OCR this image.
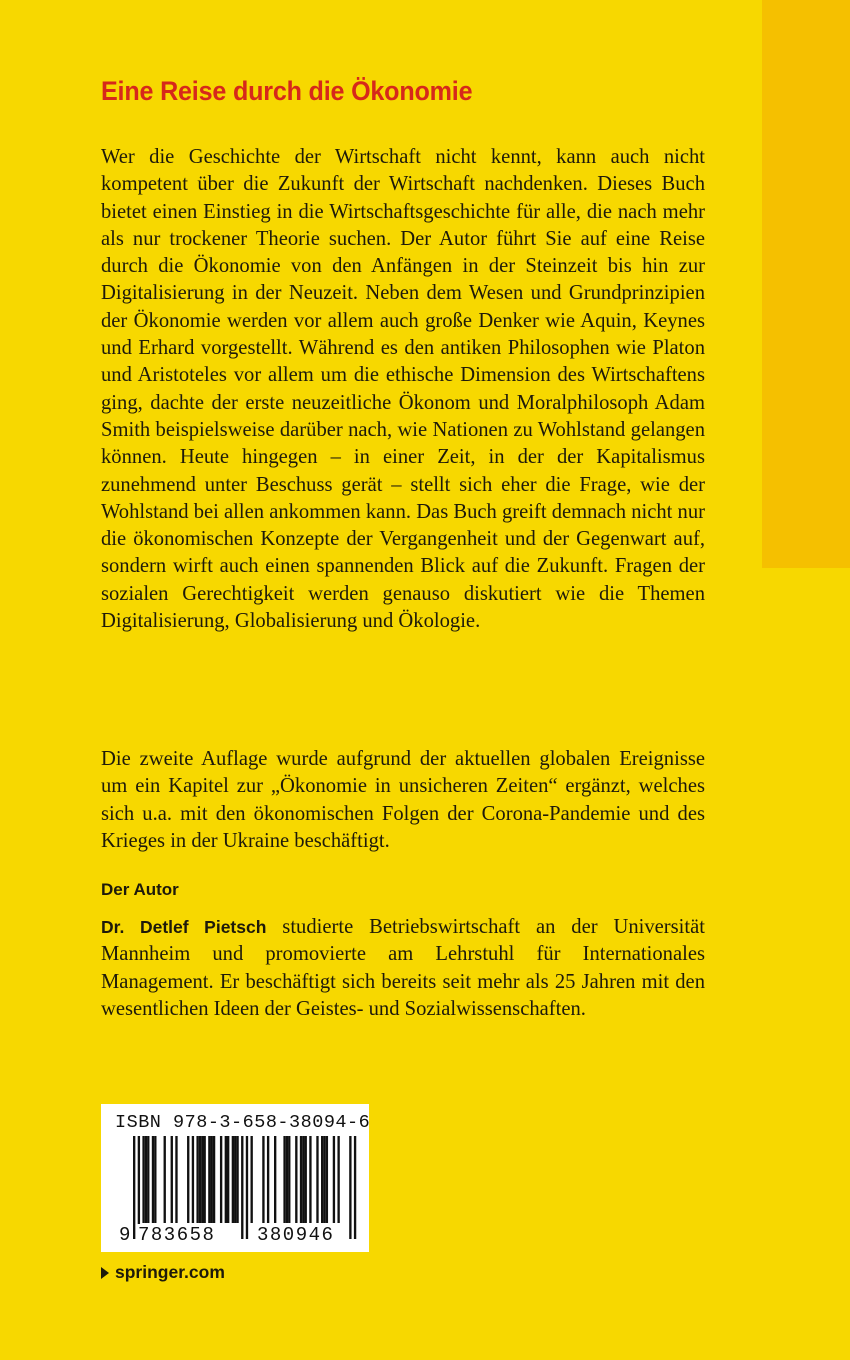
Eine Reise durch die Ökonomie

Wer die Geschichte der Wirtschaft nicht kennt, kann auch nicht kompetent über die Zukunft der Wirtschaft nachdenken. Dieses Buch bietet einen Einstieg in die Wirtschaftsgeschichte für alle, die nach mehr als nur trockener Theorie suchen. Der Autor führt Sie auf eine Reise durch die Ökonomie von den Anfängen in der Steinzeit bis hin zur Digitalisierung in der Neuzeit. Neben dem Wesen und Grundprinzipien der Ökonomie werden vor allem auch große Denker wie Aquin, Keynes und Erhard vorgestellt. Während es den antiken Philosophen wie Platon und Aristoteles vor allem um die ethische Dimension des Wirtschaftens ging, dachte der erste neuzeitliche Ökonom und Moralphilosoph Adam Smith beispielsweise darüber nach, wie Nationen zu Wohlstand gelangen können. Heute hingegen – in einer Zeit, in der der Kapitalismus zunehmend unter Beschuss gerät – stellt sich eher die Frage, wie der Wohlstand bei allen ankommen kann. Das Buch greift demnach nicht nur die ökonomischen Konzepte der Vergangenheit und der Gegenwart auf, sondern wirft auch einen spannenden Blick auf die Zukunft. Fragen der sozialen Gerechtigkeit werden genauso diskutiert wie die Themen Digitalisierung, Globalisierung und Ökologie.

Die zweite Auflage wurde aufgrund der aktuellen globalen Ereignisse um ein Kapitel zur „Ökonomie in unsicheren Zeiten“ ergänzt, welches sich u.a. mit den ökonomischen Folgen der Corona-Pandemie und des Krieges in der Ukraine beschäftigt.

Der Autor

Dr. Detlef Pietsch studierte Betriebswirtschaft an der Universität Mannheim und promovierte am Lehrstuhl für Internationales Management. Er beschäftigt sich bereits seit mehr als 25 Jahren mit den wesentlichen Ideen der Geistes- und Sozialwissenschaften.

ISBN 978-3-658-38094-6
9 783658 380946
springer.com
